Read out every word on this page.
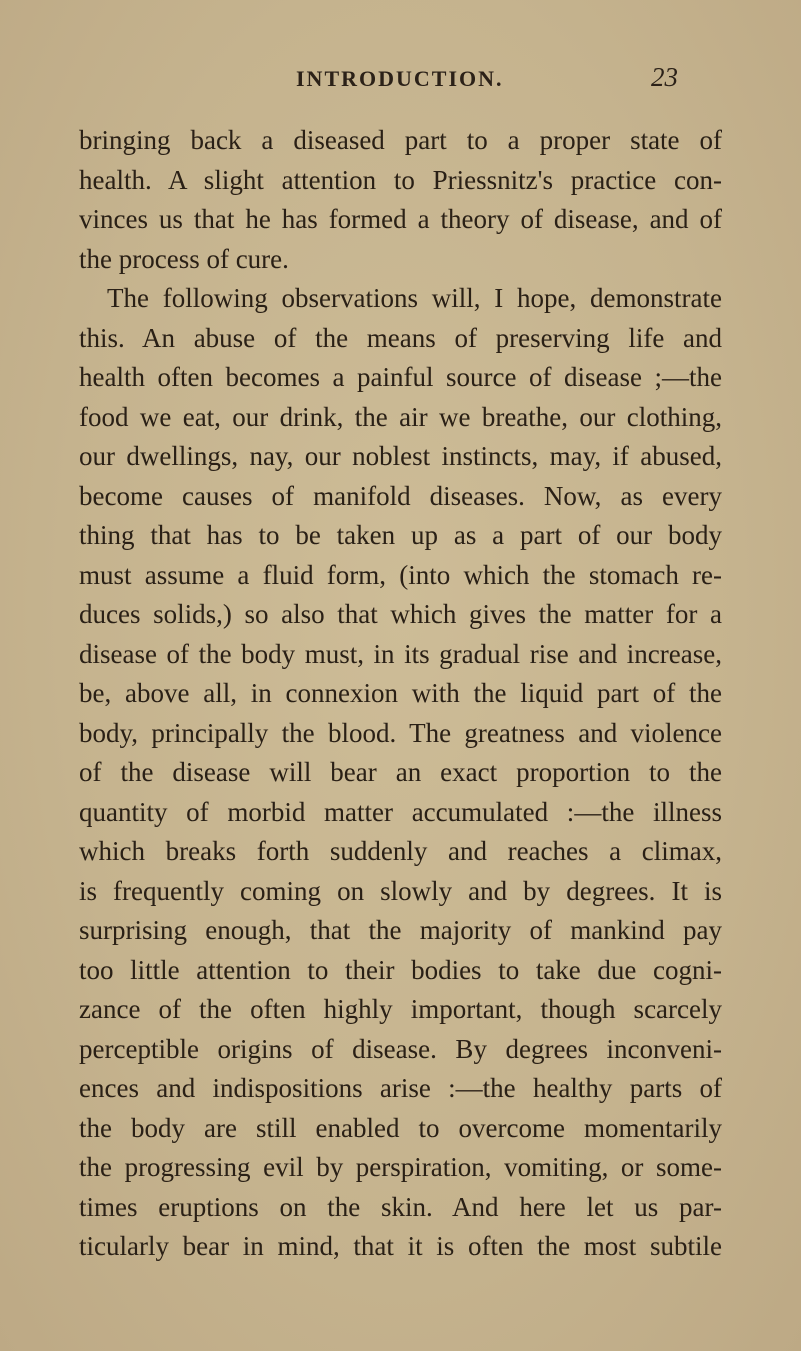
INTRODUCTION.	23
bringing back a diseased part to a proper state of
health. A slight attention to Priessnitz's practice con-
vinces us that he has formed a theory of disease, and of
the process of cure.
The following observations will, I hope, demonstrate
this. An abuse of the means of preserving life and
health often becomes a painful source of disease ;—the
food we eat, our drink, the air we breathe, our clothing,
our dwellings, nay, our noblest instincts, may, if abused,
become causes of manifold diseases. Now, as every
thing that has to be taken up as a part of our body
must assume a fluid form, (into which the stomach re-
duces solids,) so also that which gives the matter for a
disease of the body must, in its gradual rise and increase,
be, above all, in connexion with the liquid part of the
body, principally the blood. The greatness and violence
of the disease will bear an exact proportion to the
quantity of morbid matter accumulated :—the illness
which breaks forth suddenly and reaches a climax,
is frequently coming on slowly and by degrees. It is
surprising enough, that the majority of mankind pay
too little attention to their bodies to take due cogni-
zance of the often highly important, though scarcely
perceptible origins of disease. By degrees inconveni-
ences and indispositions arise :—the healthy parts of
the body are still enabled to overcome momentarily
the progressing evil by perspiration, vomiting, or some-
times eruptions on the skin. And here let us par-
ticularly bear in mind, that it is often the most subtile
